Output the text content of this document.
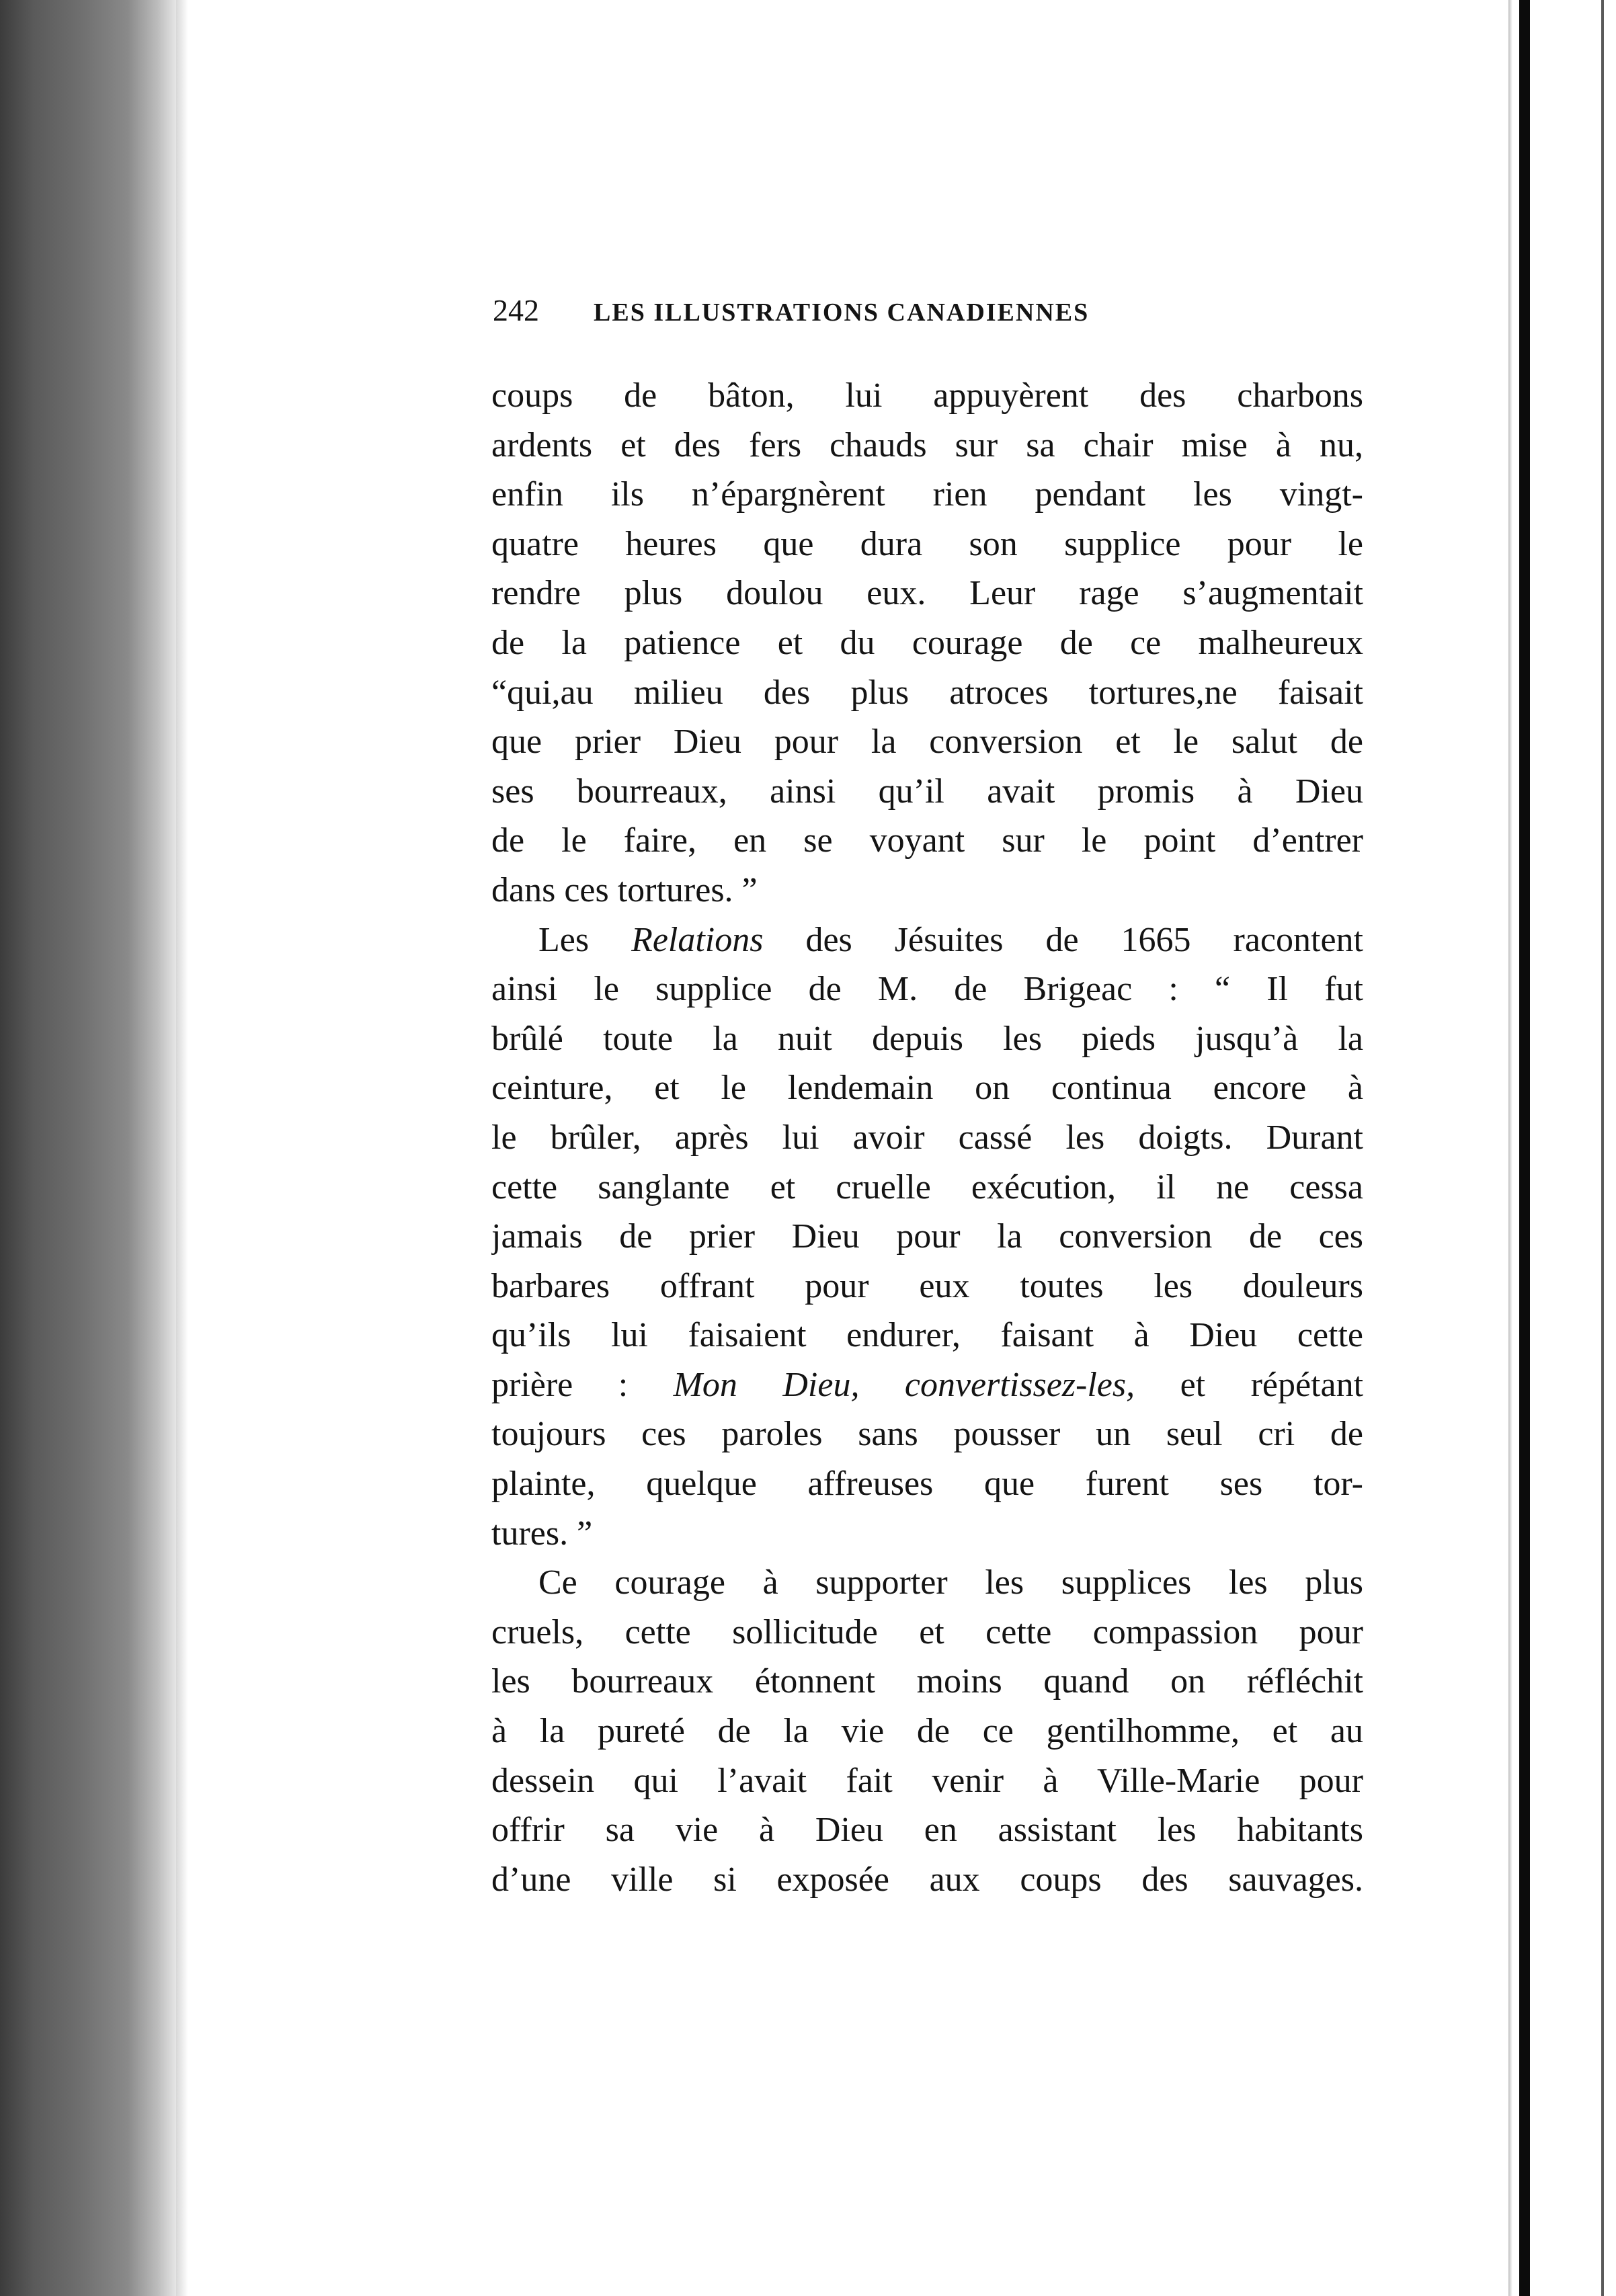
242 LES ILLUSTRATIONS CANADIENNES
coups de bâton, lui appuyèrent des charbons
ardents et des fers chauds sur sa chair mise à nu,
enfin ils n’épargnèrent rien pendant les vingt-
quatre heures que dura son supplice pour le
rendre plus doulou eux. Leur rage s’augmentait
de la patience et du courage de ce malheureux
“qui,au milieu des plus atroces tortures,ne faisait
que prier Dieu pour la conversion et le salut de
ses bourreaux, ainsi qu’il avait promis à Dieu
de le faire, en se voyant sur le point d’entrer
dans ces tortures. ”
Les Relations des Jésuites de 1665 racontent
ainsi le supplice de M. de Brigeac : “ Il fut
brûlé toute la nuit depuis les pieds jusqu’à la
ceinture, et le lendemain on continua encore à
le brûler, après lui avoir cassé les doigts. Durant
cette sanglante et cruelle exécution, il ne cessa
jamais de prier Dieu pour la conversion de ces
barbares offrant pour eux toutes les douleurs
qu’ils lui faisaient endurer, faisant à Dieu cette
prière : Mon Dieu, convertissez-les, et répétant
toujours ces paroles sans pousser un seul cri de
plainte, quelque affreuses que furent ses tor-
tures. ”
Ce courage à supporter les supplices les plus
cruels, cette sollicitude et cette compassion pour
les bourreaux étonnent moins quand on réfléchit
à la pureté de la vie de ce gentilhomme, et au
dessein qui l’avait fait venir à Ville-Marie pour
offrir sa vie à Dieu en assistant les habitants
d’une ville si exposée aux coups des sauvages.
